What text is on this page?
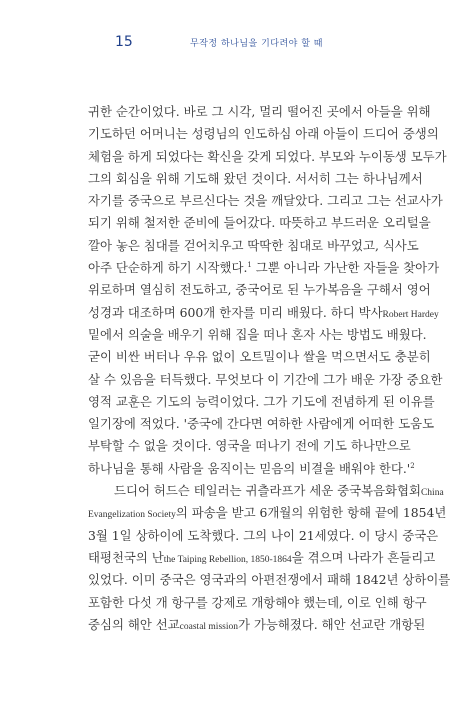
15	무작정 하나님을 기다려야 할 때
귀한 순간이었다. 바로 그 시각, 멀리 떨어진 곳에서 아들을 위해
기도하던 어머니는 성령님의 인도하심 아래 아들이 드디어 중생의
체험을 하게 되었다는 확신을 갖게 되었다. 부모와 누이동생 모두가
그의 회심을 위해 기도해 왔던 것이다. 서서히 그는 하나님께서
자기를 중국으로 부르신다는 것을 깨달았다. 그리고 그는 선교사가
되기 위해 철저한 준비에 들어갔다. 따뜻하고 부드러운 오리털을
깔아 놓은 침대를 걷어치우고 딱딱한 침대로 바꾸었고, 식사도
아주 단순하게 하기 시작했다.$^1$ 그뿐 아니라 가난한 자들을 찾아가
위로하며 열심히 전도하고, 중국어로 된 누가복음을 구해서 영어
성경과 대조하며 600개 한자를 미리 배웠다. 하디 박사Robert Hardey
밑에서 의술을 배우기 위해 집을 떠나 혼자 사는 방법도 배웠다.
굳이 비싼 버터나 우유 없이 오트밀이나 쌀을 먹으면서도 충분히
살 수 있음을 터득했다. 무엇보다 이 기간에 그가 배운 가장 중요한
영적 교훈은 기도의 능력이었다. 그가 기도에 전념하게 된 이유를
일기장에 적었다. '중국에 간다면 여하한 사람에게 어떠한 도움도
부탁할 수 없을 것이다. 영국을 떠나기 전에 기도 하나만으로
하나님을 통해 사람을 움직이는 믿음의 비결을 배워야 한다$.'^2$
드디어 허드슨 테일러는 귀츨라프가 세운 중국복음화협회China
Evangelization Society의 파송을 받고 6개월의 위험한 항해 끝에 1854년
3월 1일 상하이에 도착했다. 그의 나이 21세였다. 이 당시 중국은
태평천국의 난the Taiping Rebellion, 1850-1864을 겪으며 나라가 흔들리고
있었다. 이미 중국은 영국과의 아편전쟁에서 패해 1842년 상하이를
포함한 다섯 개 항구를 강제로 개항해야 했는데, 이로 인해 항구
중심의 해안 선교coastal mission가 가능해졌다. 해안 선교란 개항된
